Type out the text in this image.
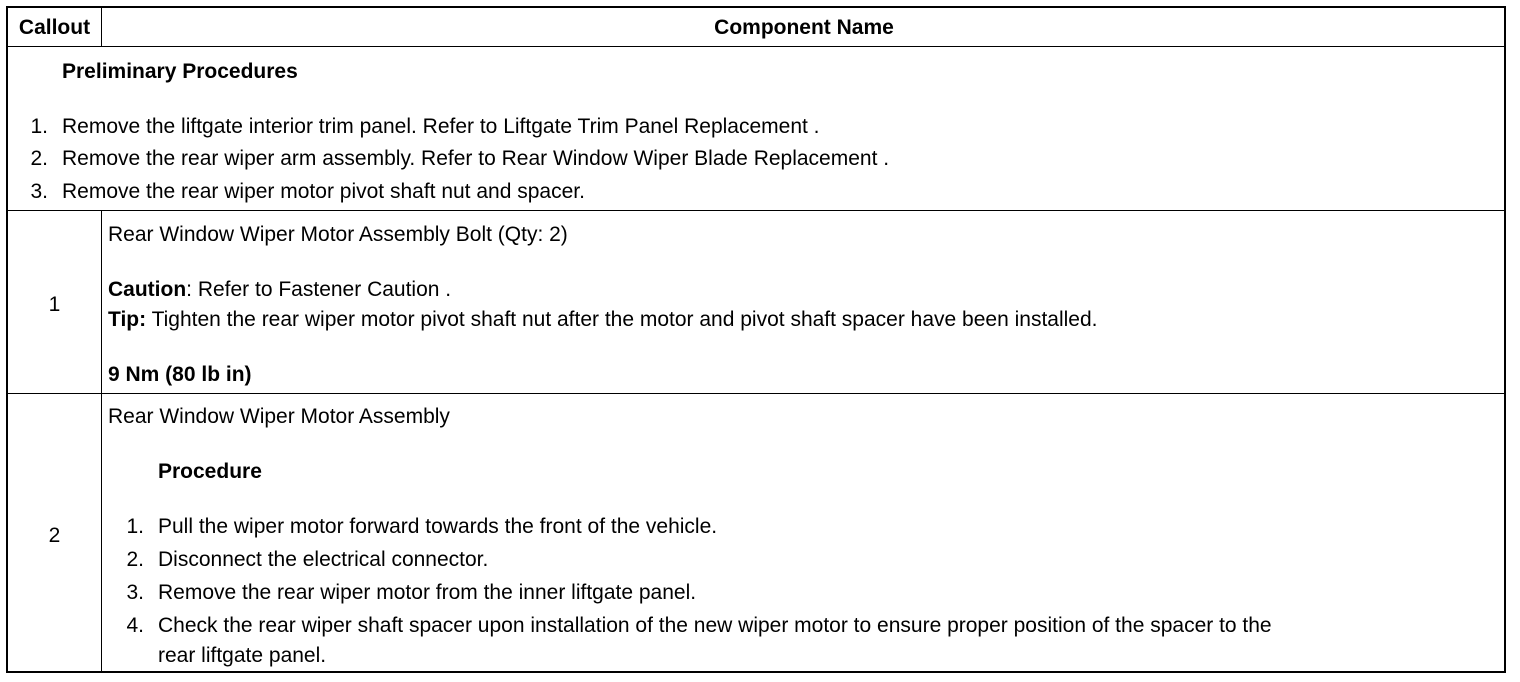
Callout	Component Name
Preliminary Procedures
1. Remove the liftgate interior trim panel. Refer to Liftgate Trim Panel Replacement .
2. Remove the rear wiper arm assembly. Refer to Rear Window Wiper Blade Replacement .
3. Remove the rear wiper motor pivot shaft nut and spacer.
1
Rear Window Wiper Motor Assembly Bolt (Qty: 2)
Caution: Refer to Fastener Caution .
Tip: Tighten the rear wiper motor pivot shaft nut after the motor and pivot shaft spacer have been installed.
9 Nm (80 lb in)
2
Rear Window Wiper Motor Assembly
Procedure
1. Pull the wiper motor forward towards the front of the vehicle.
2. Disconnect the electrical connector.
3. Remove the rear wiper motor from the inner liftgate panel.
4. Check the rear wiper shaft spacer upon installation of the new wiper motor to ensure proper position of the spacer to the
rear liftgate panel.
